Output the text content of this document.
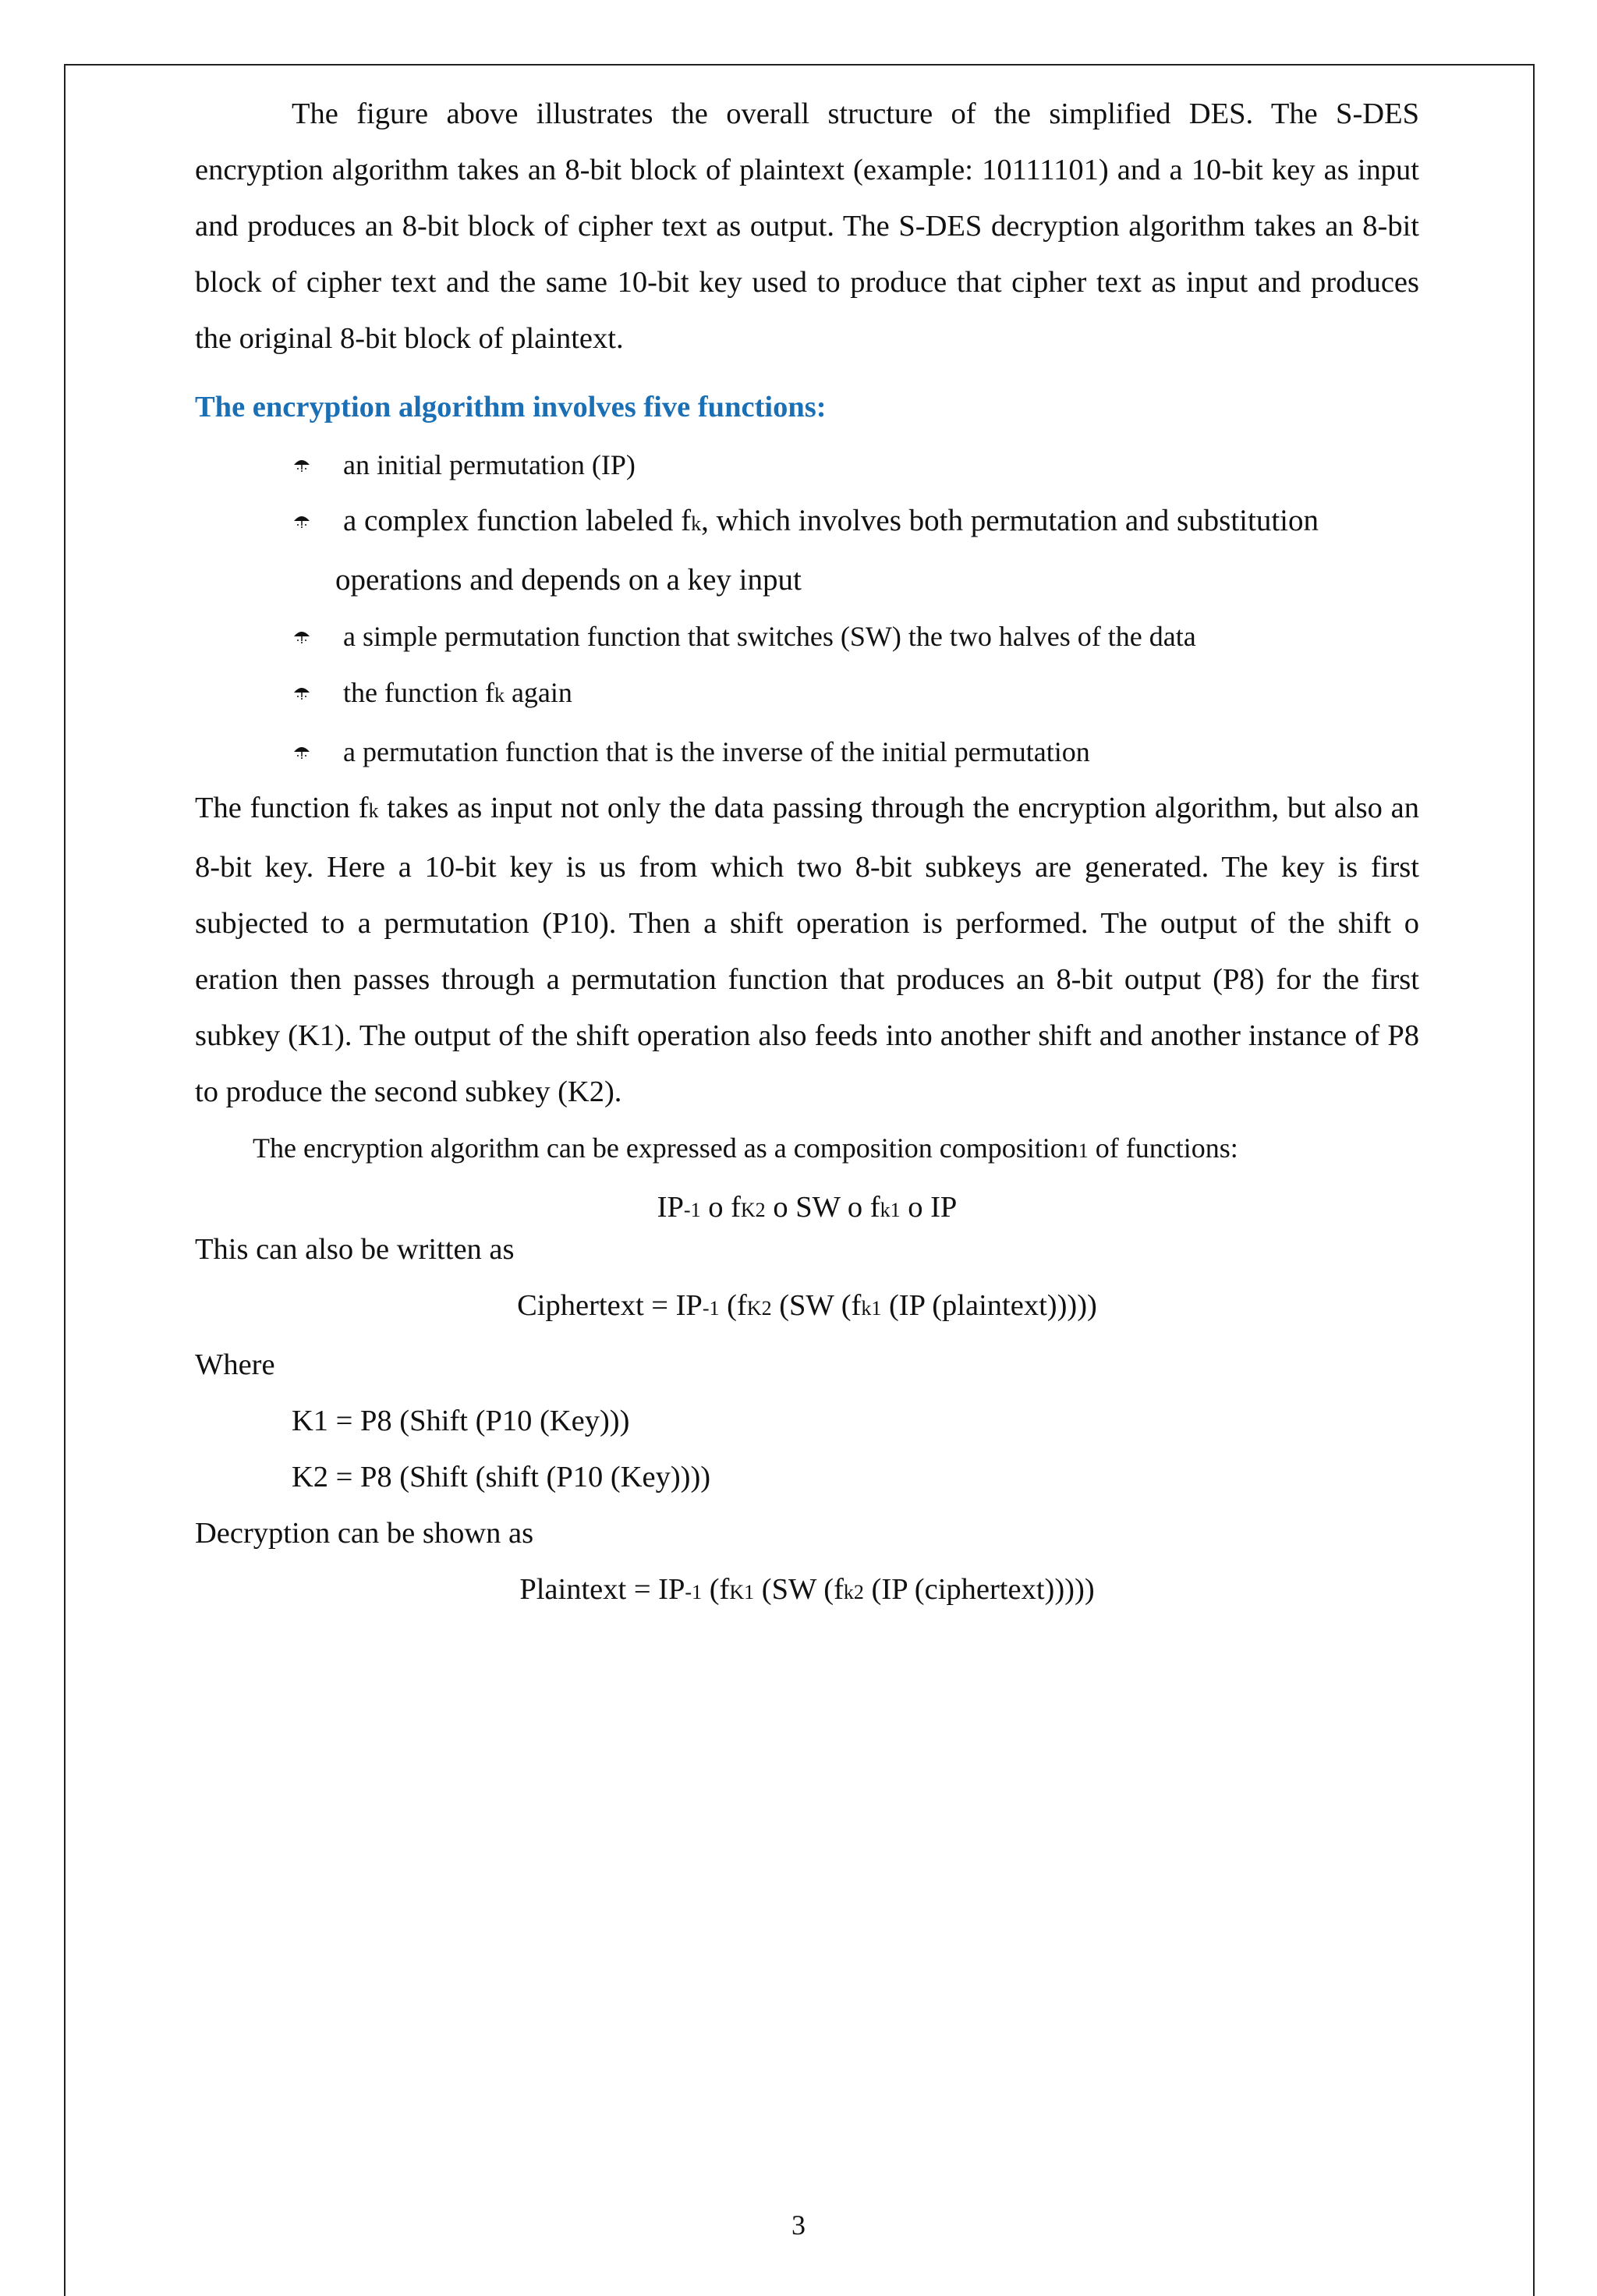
The figure above illustrates the overall structure of the simplified DES. The S-DES encryption algorithm takes an 8-bit block of plaintext (example: 10111101) and a 10-bit key as input and produces an 8-bit block of cipher text as output. The S-DES decryption algorithm takes an 8-bit block of cipher text and the same 10-bit key used to produce that cipher text as input and produces the original 8-bit block of plaintext.

The encryption algorithm involves five functions:

an initial permutation (IP)
a complex function labeled fk, which involves both permutation and substitution
operations and depends on a key input
a simple permutation function that switches (SW) the two halves of the data
the function fk again
a permutation function that is the inverse of the initial permutation

The function fk takes as input not only the data passing through the encryption algorithm, but also an 8-bit key. Here a 10-bit key is us from which two 8-bit subkeys are generated. The key is first subjected to a permutation (P10). Then a shift operation is performed. The output of the shift o eration then passes through a permutation function that produces an 8-bit output (P8) for the first subkey (K1). The output of the shift operation also feeds into another shift and another instance of P8 to produce the second subkey (K2).

The encryption algorithm can be expressed as a composition composition1 of functions:

IP-1 o fK2 o SW o fk1 o IP

This can also be written as

Ciphertext = IP-1 (fK2 (SW (fk1 (IP (plaintext)))))

Where

K1 = P8 (Shift (P10 (Key)))

K2 = P8 (Shift (shift (P10 (Key))))

Decryption can be shown as

Plaintext = IP-1 (fK1 (SW (fk2 (IP (ciphertext)))))

3
